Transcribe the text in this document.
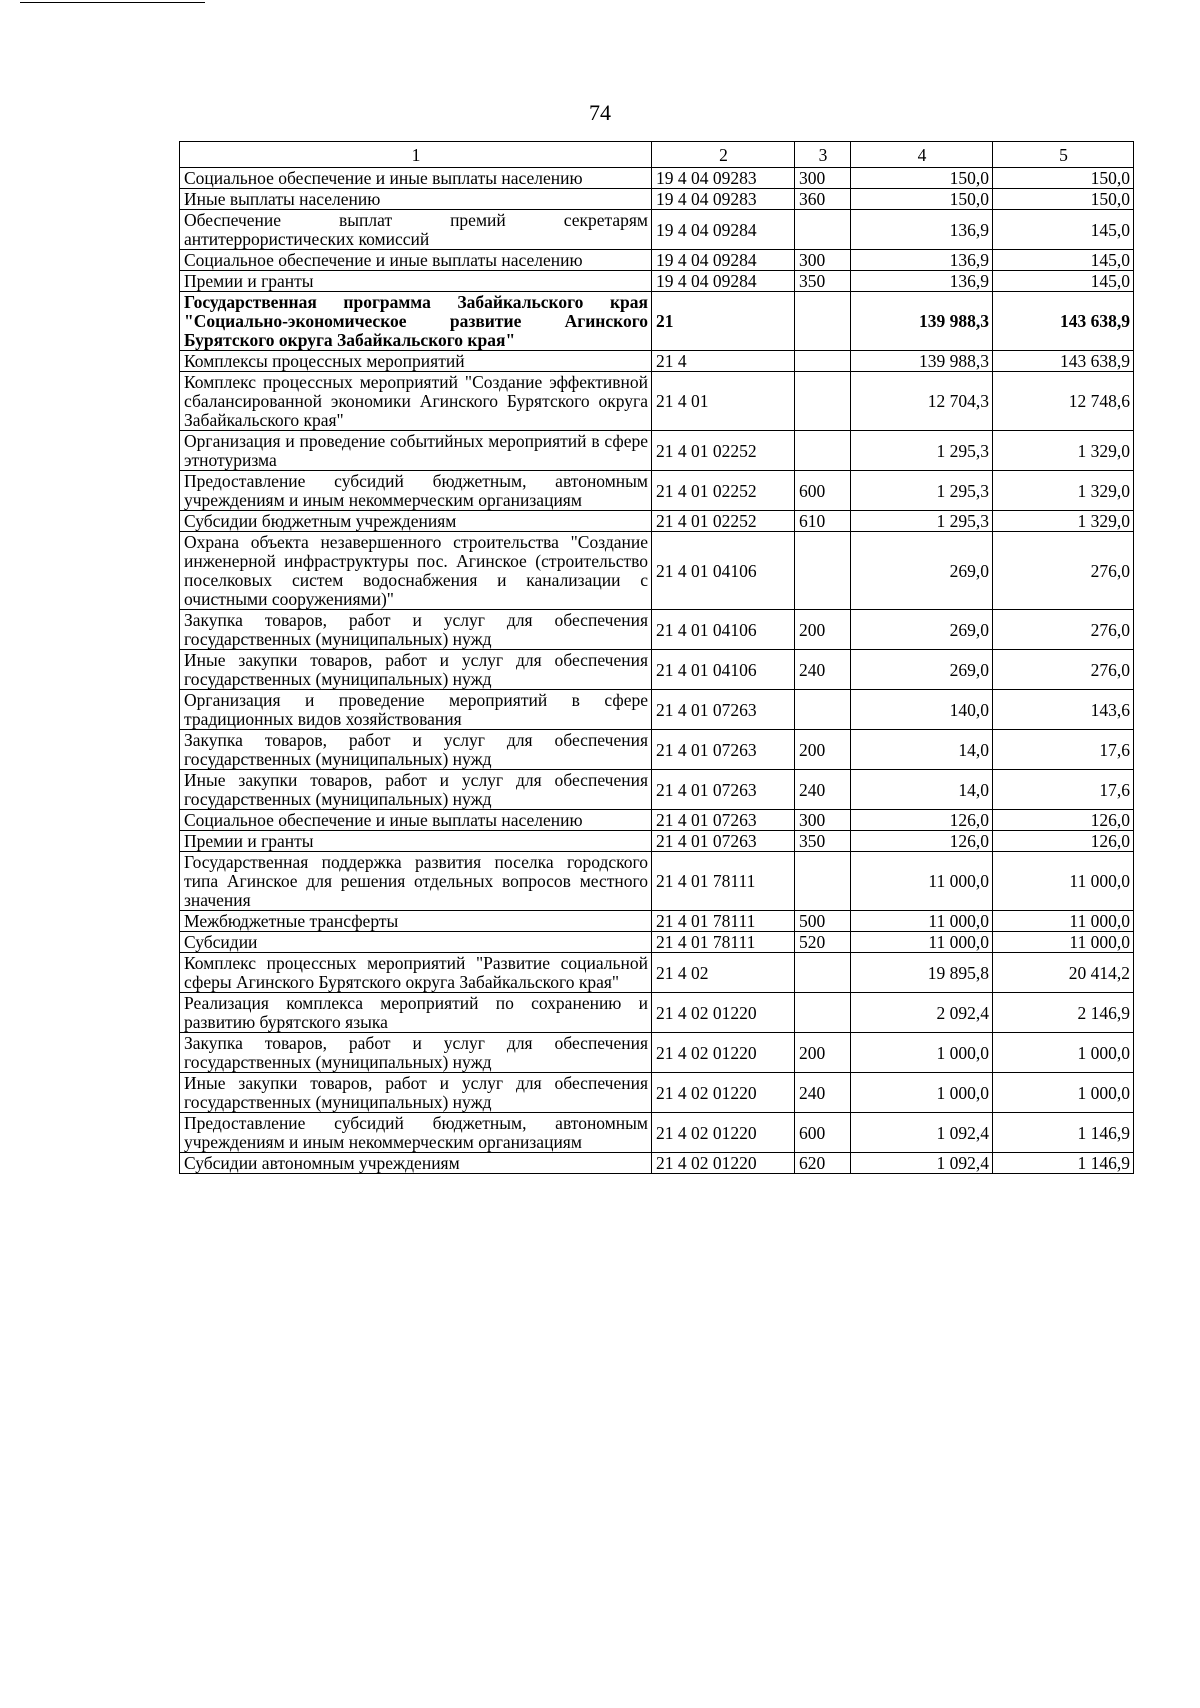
74
1	2	3	4	5
Социальное обеспечение и иные выплаты населению	19 4 04 09283	300	150,0	150,0
Иные выплаты населению	19 4 04 09283	360	150,0	150,0
Обеспечение выплат премий секретарям антитеррористических комиссий	19 4 04 09284		136,9	145,0
Социальное обеспечение и иные выплаты населению	19 4 04 09284	300	136,9	145,0
Премии и гранты	19 4 04 09284	350	136,9	145,0
Государственная программа Забайкальского края "Социально-экономическое развитие Агинского Бурятского округа Забайкальского края"	21		139 988,3	143 638,9
Комплексы процессных мероприятий	21 4		139 988,3	143 638,9
Комплекс процессных мероприятий "Создание эффективной сбалансированной экономики Агинского Бурятского округа Забайкальского края"	21 4 01		12 704,3	12 748,6
Организация и проведение событийных мероприятий в сфере этнотуризма	21 4 01 02252		1 295,3	1 329,0
Предоставление субсидий бюджетным, автономным учреждениям и иным некоммерческим организациям	21 4 01 02252	600	1 295,3	1 329,0
Субсидии бюджетным учреждениям	21 4 01 02252	610	1 295,3	1 329,0
Охрана объекта незавершенного строительства "Создание инженерной инфраструктуры пос. Агинское (строительство поселковых систем водоснабжения и канализации с очистными сооружениями)"	21 4 01 04106		269,0	276,0
Закупка товаров, работ и услуг для обеспечения государственных (муниципальных) нужд	21 4 01 04106	200	269,0	276,0
Иные закупки товаров, работ и услуг для обеспечения государственных (муниципальных) нужд	21 4 01 04106	240	269,0	276,0
Организация и проведение мероприятий в сфере традиционных видов хозяйствования	21 4 01 07263		140,0	143,6
Закупка товаров, работ и услуг для обеспечения государственных (муниципальных) нужд	21 4 01 07263	200	14,0	17,6
Иные закупки товаров, работ и услуг для обеспечения государственных (муниципальных) нужд	21 4 01 07263	240	14,0	17,6
Социальное обеспечение и иные выплаты населению	21 4 01 07263	300	126,0	126,0
Премии и гранты	21 4 01 07263	350	126,0	126,0
Государственная поддержка развития поселка городского типа Агинское для решения отдельных вопросов местного значения	21 4 01 78111		11 000,0	11 000,0
Межбюджетные трансферты	21 4 01 78111	500	11 000,0	11 000,0
Субсидии	21 4 01 78111	520	11 000,0	11 000,0
Комплекс процессных мероприятий "Развитие социальной сферы Агинского Бурятского округа Забайкальского края"	21 4 02		19 895,8	20 414,2
Реализация комплекса мероприятий по сохранению и развитию бурятского языка	21 4 02 01220		2 092,4	2 146,9
Закупка товаров, работ и услуг для обеспечения государственных (муниципальных) нужд	21 4 02 01220	200	1 000,0	1 000,0
Иные закупки товаров, работ и услуг для обеспечения государственных (муниципальных) нужд	21 4 02 01220	240	1 000,0	1 000,0
Предоставление субсидий бюджетным, автономным учреждениям и иным некоммерческим организациям	21 4 02 01220	600	1 092,4	1 146,9
Субсидии автономным учреждениям	21 4 02 01220	620	1 092,4	1 146,9
